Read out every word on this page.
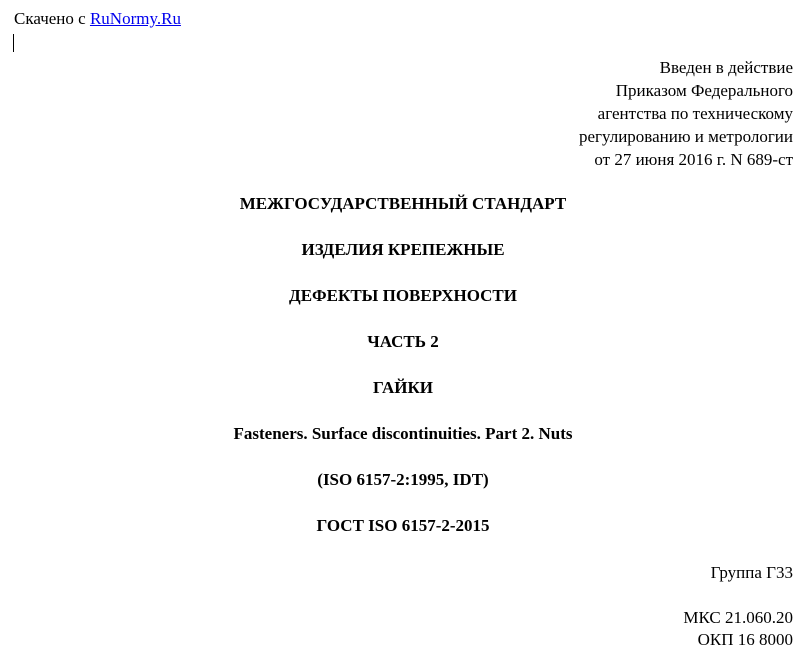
Скачено с RuNormy.Ru
Введен в действие
Приказом Федерального
агентства по техническому
регулированию и метрологии
от 27 июня 2016 г. N 689-ст
МЕЖГОСУДАРСТВЕННЫЙ СТАНДАРТ
ИЗДЕЛИЯ КРЕПЕЖНЫЕ
ДЕФЕКТЫ ПОВЕРХНОСТИ
ЧАСТЬ 2
ГАЙКИ
Fasteners. Surface discontinuities. Part 2. Nuts
(ISO 6157-2:1995, IDT)
ГОСТ ISO 6157-2-2015
Группа Г33
МКС 21.060.20
ОКП 16 8000
